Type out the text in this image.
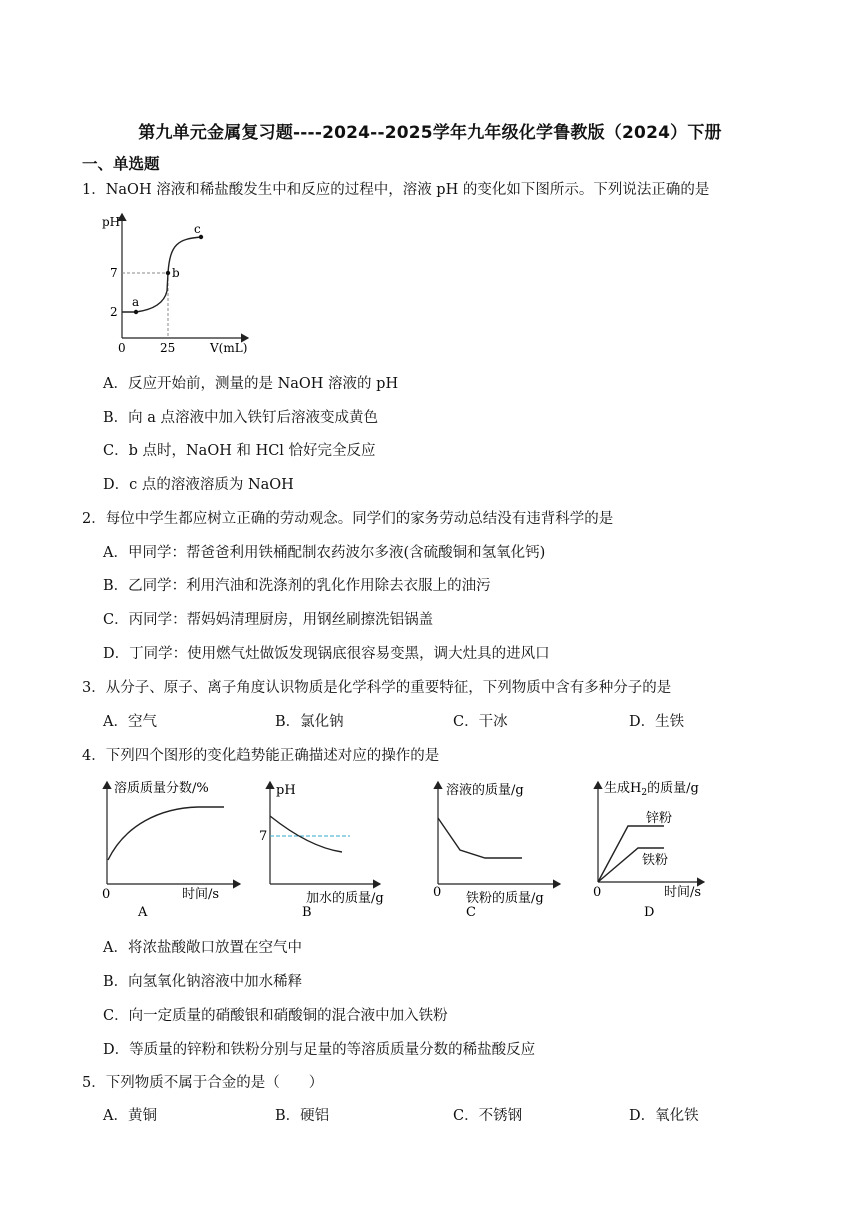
第九单元金属复习题----2024--2025学年九年级化学鲁教版（2024）下册
一、单选题
1．NaOH 溶液和稀盐酸发生中和反应的过程中，溶液 pH 的变化如下图所示。下列说法正确的是
pH
7
2
0	25	V(mL)
a
b
c
A．反应开始前，测量的是 NaOH 溶液的 pH
B．向 a 点溶液中加入铁钉后溶液变成黄色
C．b 点时，NaOH 和 HCl 恰好完全反应
D．c 点的溶液溶质为 NaOH
2．每位中学生都应树立正确的劳动观念。同学们的家务劳动总结没有违背科学的是
A．甲同学：帮爸爸利用铁桶配制农药波尔多液(含硫酸铜和氢氧化钙)
B．乙同学：利用汽油和洗涤剂的乳化作用除去衣服上的油污
C．丙同学：帮妈妈清理厨房，用钢丝刷擦洗铝锅盖
D．丁同学：使用燃气灶做饭发现锅底很容易变黑，调大灶具的进风口
3．从分子、原子、离子角度认识物质是化学科学的重要特征，下列物质中含有多种分子的是
A．空气	B．氯化钠	C．干冰	D．生铁
4．下列四个图形的变化趋势能正确描述对应的操作的是
溶质质量分数/%
0	时间/s
A
pH
7
加水的质量/g
B
溶液的质量/g
0 铁粉的质量/g
C
生成$H_2$的质量/g
锌粉
铁粉
0	时间/s
D
A．将浓盐酸敞口放置在空气中
B．向氢氧化钠溶液中加水稀释
C．向一定质量的硝酸银和硝酸铜的混合液中加入铁粉
D．等质量的锌粉和铁粉分别与足量的等溶质质量分数的稀盐酸反应
5．下列物质不属于合金的是（　　）
A．黄铜	B．硬铝	C．不锈钢	D．氧化铁
